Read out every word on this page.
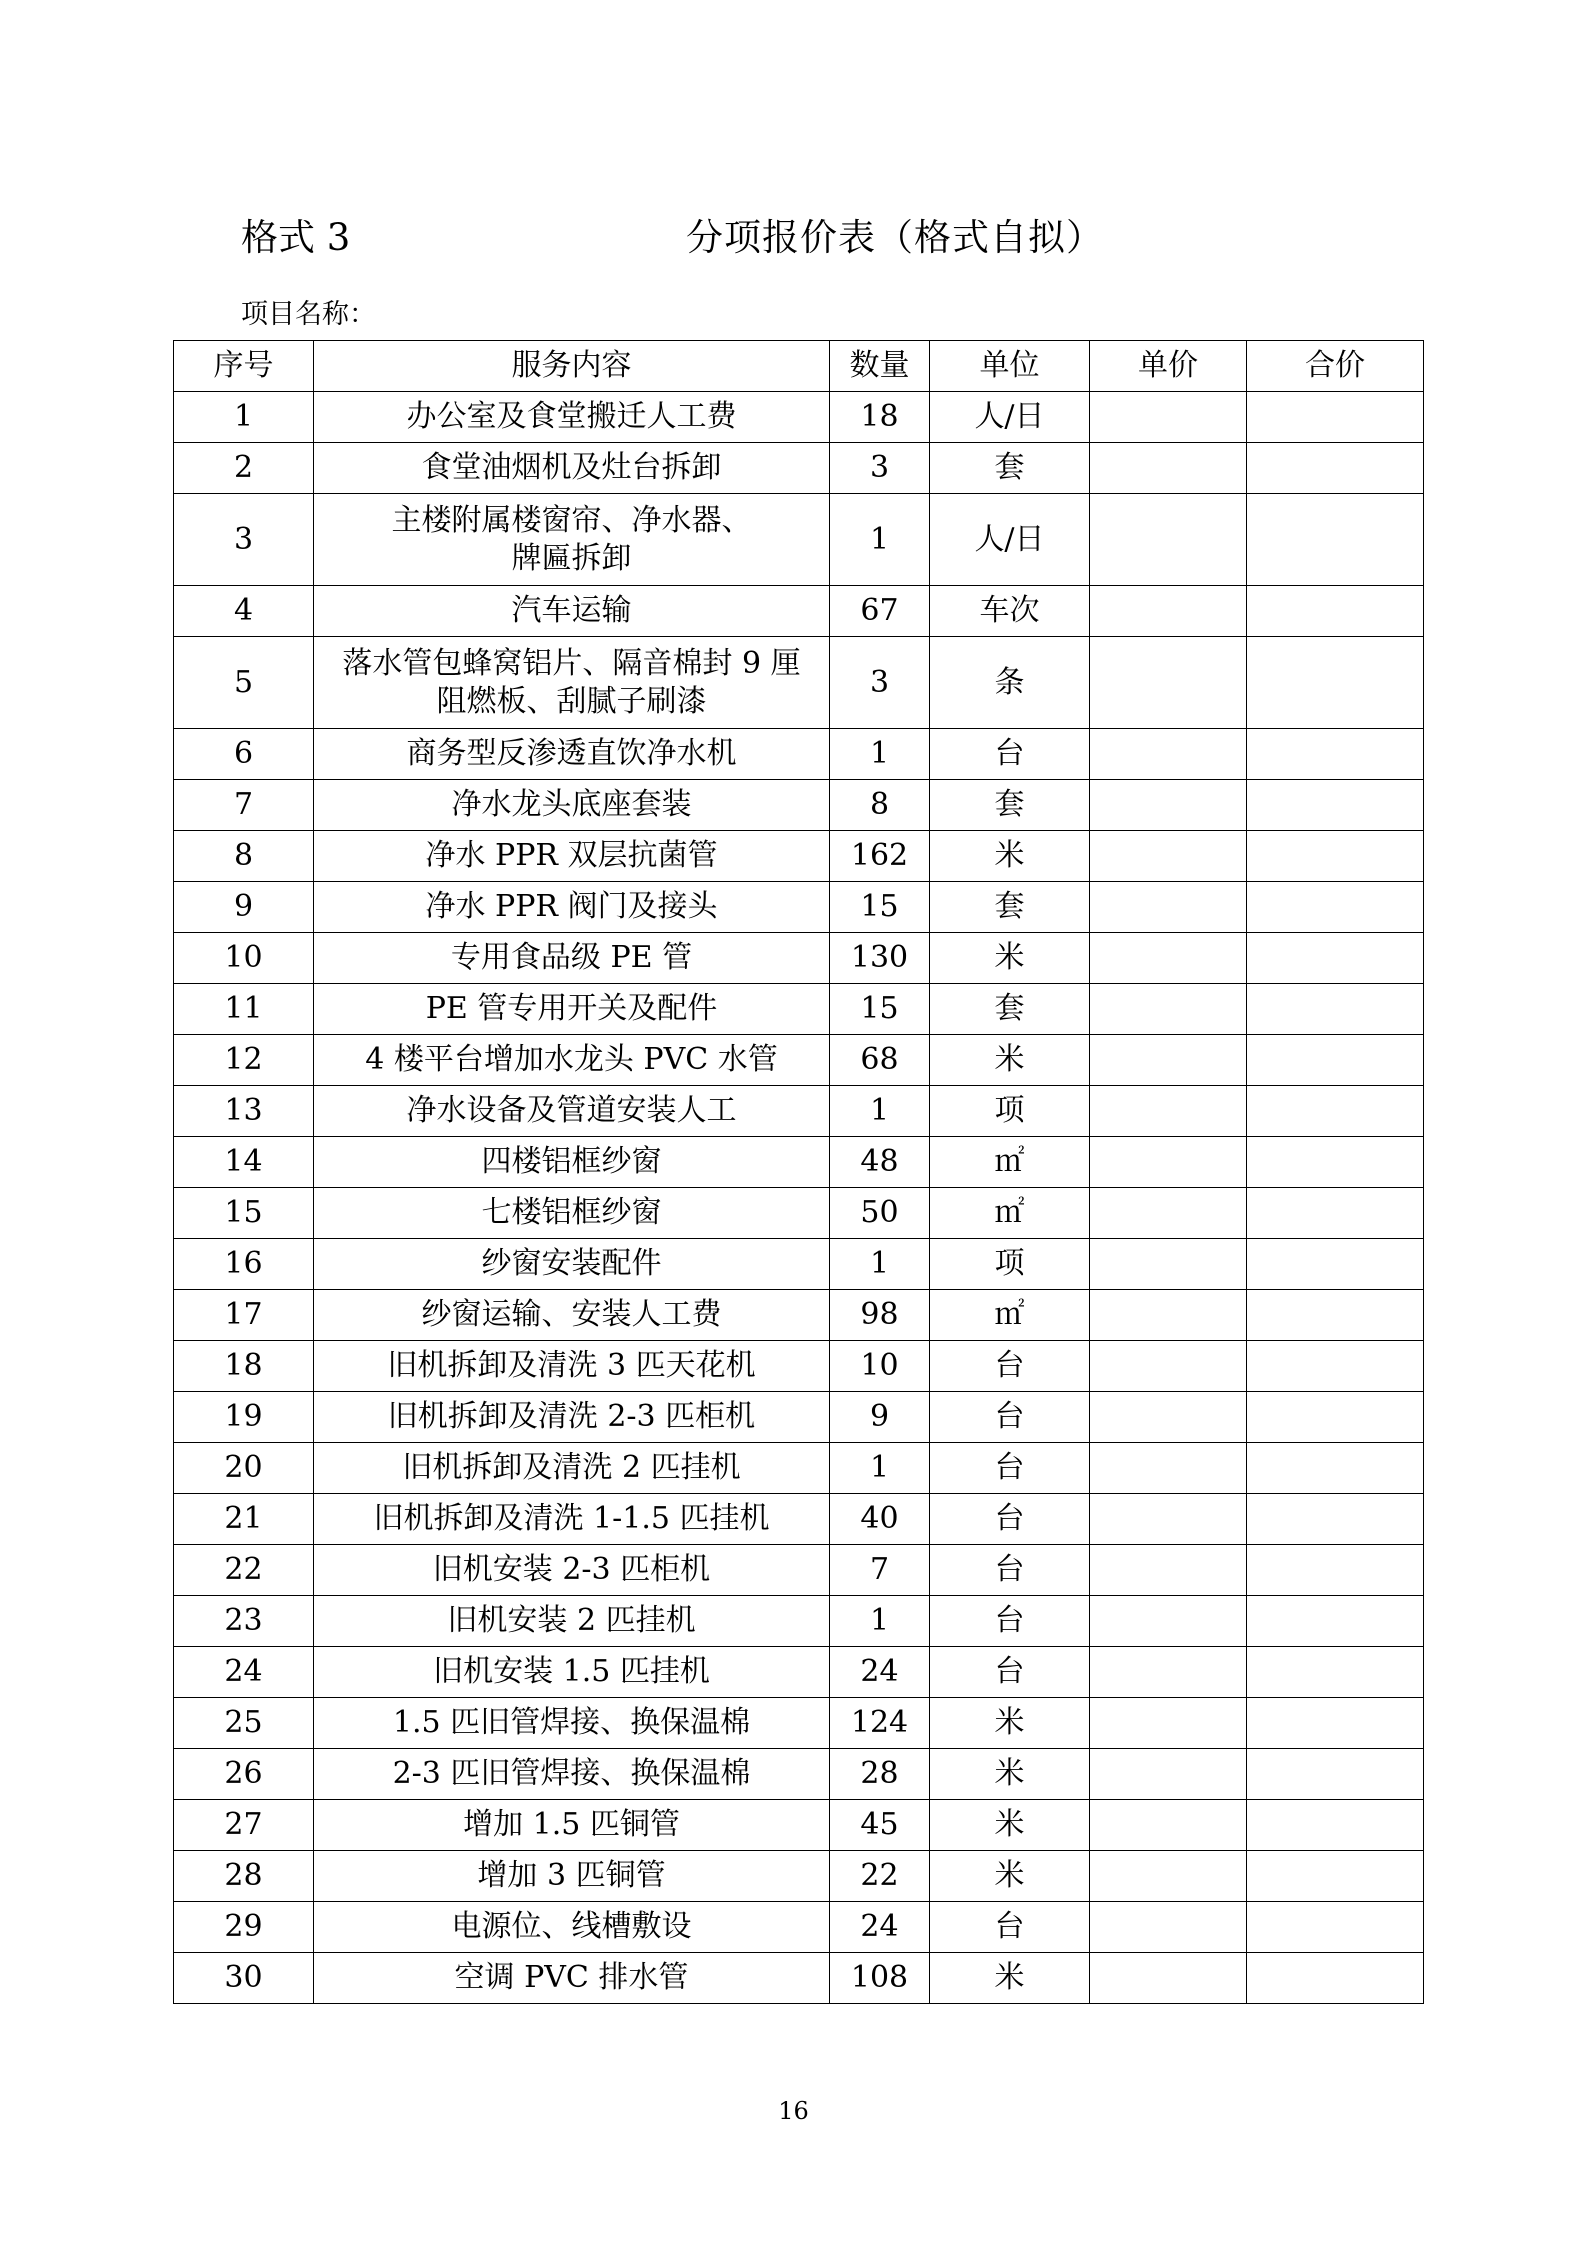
格式 3	分项报价表（格式自拟）
项目名称：
序号	服务内容	数量	单位	单价	合价
1	办公室及食堂搬迁人工费	18	人/日		
2	食堂油烟机及灶台拆卸	3	套		
3	主楼附属楼窗帘、净水器、
牌匾拆卸	1	人/日		
4	汽车运输	67	车次		
5	落水管包蜂窝铝片、隔音棉封 9 厘
阻燃板、刮腻子刷漆	3	条		
6	商务型反渗透直饮净水机	1	台		
7	净水龙头底座套装	8	套		
8	净水 PPR 双层抗菌管	162	米		
9	净水 PPR 阀门及接头	15	套		
10	专用食品级 PE 管	130	米		
11	PE 管专用开关及配件	15	套		
12	4 楼平台增加水龙头 PVC 水管	68	米		
13	净水设备及管道安装人工	1	项		
14	四楼铝框纱窗	48	㎡		
15	七楼铝框纱窗	50	㎡		
16	纱窗安装配件	1	项		
17	纱窗运输、安装人工费	98	㎡		
18	旧机拆卸及清洗 3 匹天花机	10	台		
19	旧机拆卸及清洗 2-3 匹柜机	9	台		
20	旧机拆卸及清洗 2 匹挂机	1	台		
21	旧机拆卸及清洗 1-1.5 匹挂机	40	台		
22	旧机安装 2-3 匹柜机	7	台		
23	旧机安装 2 匹挂机	1	台		
24	旧机安装 1.5 匹挂机	24	台		
25	1.5 匹旧管焊接、换保温棉	124	米		
26	2-3 匹旧管焊接、换保温棉	28	米		
27	增加 1.5 匹铜管	45	米		
28	增加 3 匹铜管	22	米		
29	电源位、线槽敷设	24	台		
30	空调 PVC 排水管	108	米		
16
